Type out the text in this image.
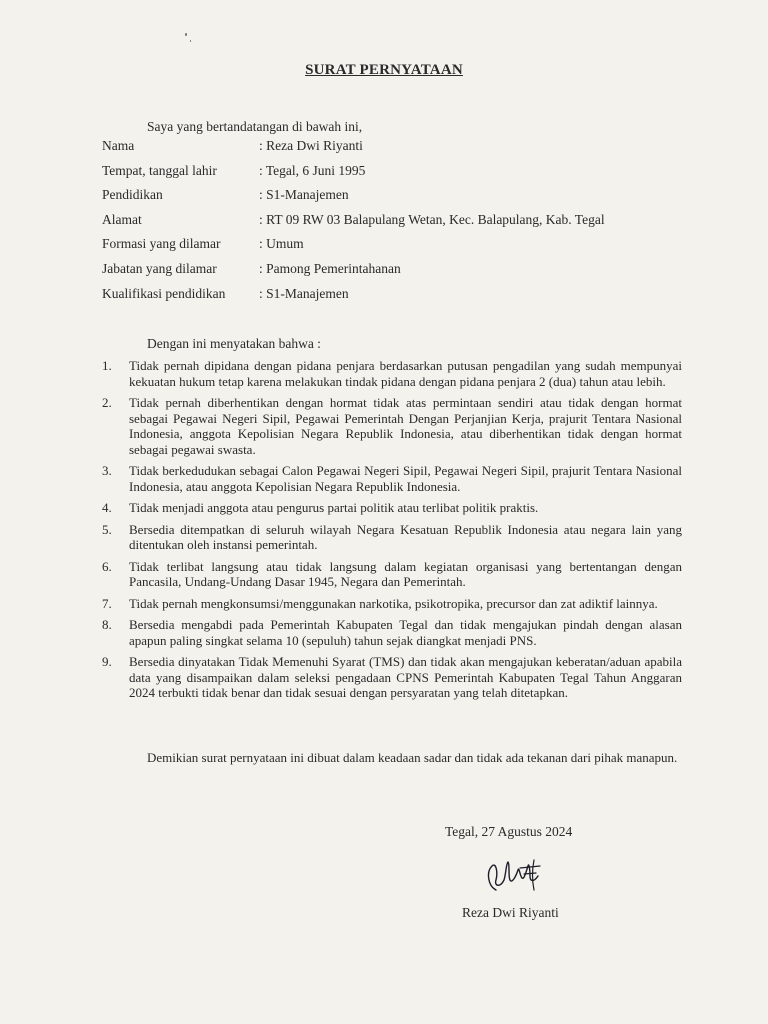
SURAT PERNYATAAN
Saya yang bertandatangan di bawah ini,
Nama	: Reza Dwi Riyanti
Tempat, tanggal lahir	: Tegal, 6 Juni 1995
Pendidikan	: S1-Manajemen
Alamat	: RT 09 RW 03 Balapulang Wetan, Kec. Balapulang, Kab. Tegal
Formasi yang dilamar	: Umum
Jabatan yang dilamar	: Pamong Pemerintahanan
Kualifikasi pendidikan : S1-Manajemen
Dengan ini menyatakan bahwa :
1. Tidak pernah dipidana dengan pidana penjara berdasarkan putusan pengadilan yang sudah mempunyai kekuatan hukum tetap karena melakukan tindak pidana dengan pidana penjara 2 (dua) tahun atau lebih.
2. Tidak pernah diberhentikan dengan hormat tidak atas permintaan sendiri atau tidak dengan hormat sebagai Pegawai Negeri Sipil, Pegawai Pemerintah Dengan Perjanjian Kerja, prajurit Tentara Nasional Indonesia, anggota Kepolisian Negara Republik Indonesia, atau diberhentikan tidak dengan hormat sebagai pegawai swasta.
3. Tidak berkedudukan sebagai Calon Pegawai Negeri Sipil, Pegawai Negeri Sipil, prajurit Tentara Nasional Indonesia, atau anggota Kepolisian Negara Republik Indonesia.
4. Tidak menjadi anggota atau pengurus partai politik atau terlibat politik praktis.
5. Bersedia ditempatkan di seluruh wilayah Negara Kesatuan Republik Indonesia atau negara lain yang ditentukan oleh instansi pemerintah.
6. Tidak terlibat langsung atau tidak langsung dalam kegiatan organisasi yang bertentangan dengan Pancasila, Undang-Undang Dasar 1945, Negara dan Pemerintah.
7. Tidak pernah mengkonsumsi/menggunakan narkotika, psikotropika, precursor dan zat adiktif lainnya.
8. Bersedia mengabdi pada Pemerintah Kabupaten Tegal dan tidak mengajukan pindah dengan alasan apapun paling singkat selama 10 (sepuluh) tahun sejak diangkat menjadi PNS.
9. Bersedia dinyatakan Tidak Memenuhi Syarat (TMS) dan tidak akan mengajukan keberatan/aduan apabila data yang disampaikan dalam seleksi pengadaan CPNS Pemerintah Kabupaten Tegal Tahun Anggaran 2024 terbukti tidak benar dan tidak sesuai dengan persyaratan yang telah ditetapkan.
Demikian surat pernyataan ini dibuat dalam keadaan sadar dan tidak ada tekanan dari pihak manapun.
Tegal, 27 Agustus 2024
Reza Dwi Riyanti
